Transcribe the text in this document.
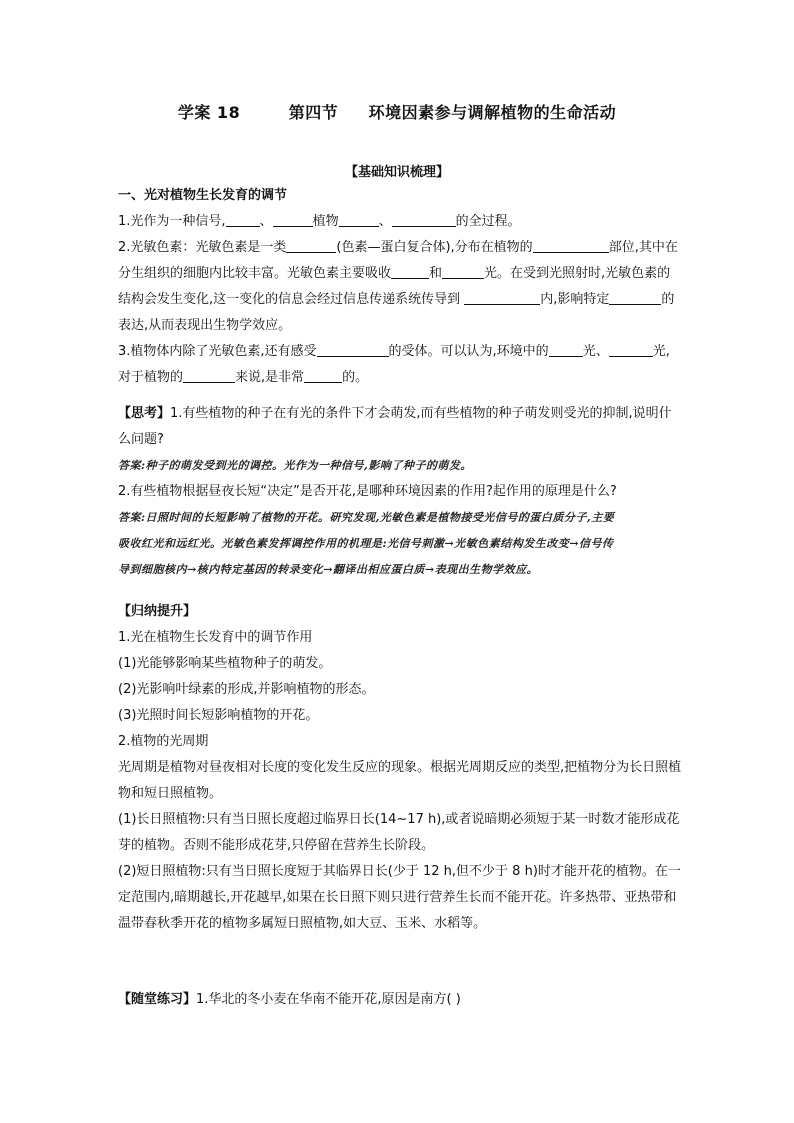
学案 18        第四节     环境因素参与调解植物的生命活动
【基础知识梳理】
一、光对植物生长发育的调节
1.光作为一种信号,	、	植物	、	的全过程。
2.光敏色素：光敏色素是一类	(色素—蛋白复合体),分布在植物的	部位,其中在
分生组织的细胞内比较丰富。光敏色素主要吸收	和	光。在受到光照射时,光敏色素的
结构会发生变化,这一变化的信息会经过信息传递系统传导到	内,影响特定	的
表达,从而表现出生物学效应。
3.植物体内除了光敏色素,还有感受	的受体。可以认为,环境中的	光、	光,
对于植物的	来说,是非常	的。
【思考】1.有些植物的种子在有光的条件下才会萌发,而有些植物的种子萌发则受光的抑制,说明什
么问题?
答案:种子的萌发受到光的调控。光作为一种信号,影响了种子的萌发。
2.有些植物根据昼夜长短“决定”是否开花,是哪种环境因素的作用?起作用的原理是什么?
答案:日照时间的长短影响了植物的开花。研究发现,光敏色素是植物接受光信号的蛋白质分子,主要
吸收红光和远红光。光敏色素发挥调控作用的机理是:光信号刺激→光敏色素结构发生改变→信号传
导到细胞核内→核内特定基因的转录变化→翻译出相应蛋白质→表现出生物学效应。
【归纳提升】
1.光在植物生长发育中的调节作用
(1)光能够影响某些植物种子的萌发。
(2)光影响叶绿素的形成,并影响植物的形态。
(3)光照时间长短影响植物的开花。
2.植物的光周期
光周期是植物对昼夜相对长度的变化发生反应的现象。根据光周期反应的类型,把植物分为长日照植
物和短日照植物。
(1)长日照植物:只有当日照长度超过临界日长(14~17 h),或者说暗期必须短于某一时数才能形成花
芽的植物。否则不能形成花芽,只停留在营养生长阶段。
(2)短日照植物:只有当日照长度短于其临界日长(少于 12 h,但不少于 8 h)时才能开花的植物。在一
定范围内,暗期越长,开花越早,如果在长日照下则只进行营养生长而不能开花。许多热带、亚热带和
温带春秋季开花的植物多属短日照植物,如大豆、玉米、水稻等。
【随堂练习】1.华北的冬小麦在华南不能开花,原因是南方( )
